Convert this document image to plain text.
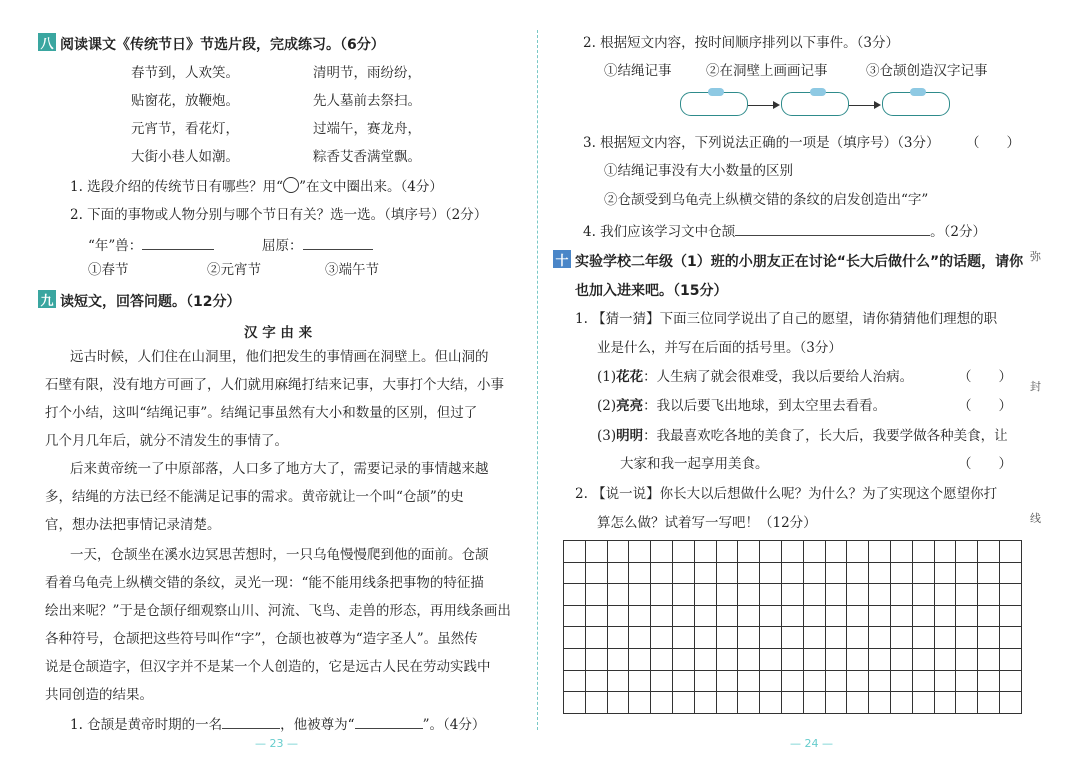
八 阅读课文《传统节日》节选片段，完成练习。（6分）
春节到，人欢笑。	清明节，雨纷纷，
贴窗花，放鞭炮。	先人墓前去祭扫。
元宵节，看花灯，	过端午，赛龙舟，
大街小巷人如潮。	粽香艾香满堂飘。
1. 选段介绍的传统节日有哪些？用“○”在文中圈出来。（4分）
2. 下面的事物或人物分别与哪个节日有关？选一选。（填序号）（2分）
“年”兽：	屈原：
①春节	②元宵节	③端午节
九 读短文，回答问题。（12分）
汉 字 由 来
远古时候，人们住在山洞里，他们把发生的事情画在洞壁上。但山洞的
石壁有限，没有地方可画了，人们就用麻绳打结来记事，大事打个大结，小事
打个小结，这叫“结绳记事”。结绳记事虽然有大小和数量的区别，但过了
几个月几年后，就分不清发生的事情了。
后来黄帝统一了中原部落，人口多了地方大了，需要记录的事情越来越
多，结绳的方法已经不能满足记事的需求。黄帝就让一个叫“仓颉”的史
官，想办法把事情记录清楚。
一天，仓颉坐在溪水边冥思苦想时，一只乌龟慢慢爬到他的面前。仓颉
看着乌龟壳上纵横交错的条纹，灵光一现：“能不能用线条把事物的特征描
绘出来呢？”于是仓颉仔细观察山川、河流、飞鸟、走兽的形态，再用线条画出
各种符号，仓颉把这些符号叫作“字”，仓颉也被尊为“造字圣人”。虽然传
说是仓颉造字，但汉字并不是某一个人创造的，它是远古人民在劳动实践中
共同创造的结果。
1. 仓颉是黄帝时期的一名	，他被尊为“	”。（4分）
— 23 —
2. 根据短文内容，按时间顺序排列以下事件。（3分）
①结绳记事	②在洞壁上画画记事	③仓颉创造汉字记事
3. 根据短文内容，下列说法正确的一项是（填序号）（3分） （　　）
①结绳记事没有大小数量的区别
②仓颉受到乌龟壳上纵横交错的条纹的启发创造出“字”
4. 我们应该学习文中仓颉	。（2分）
十 实验学校二年级（1）班的小朋友正在讨论“长大后做什么”的话题，请你
也加入进来吧。（15分）
1. 【猜一猜】下面三位同学说出了自己的愿望，请你猜猜他们理想的职
业是什么，并写在后面的括号里。（3分）
(1)花花：人生病了就会很难受，我以后要给人治病。	（　　）
(2)亮亮：我以后要飞出地球，到太空里去看看。	（　　）
(3)明明：我最喜欢吃各地的美食了，长大后，我要学做各种美食，让
大家和我一起享用美食。	（　　）
2. 【说一说】你长大以后想做什么呢？为什么？为了实现这个愿望你打
算怎么做？试着写一写吧！（12分）

弥
封
线
— 24 —
